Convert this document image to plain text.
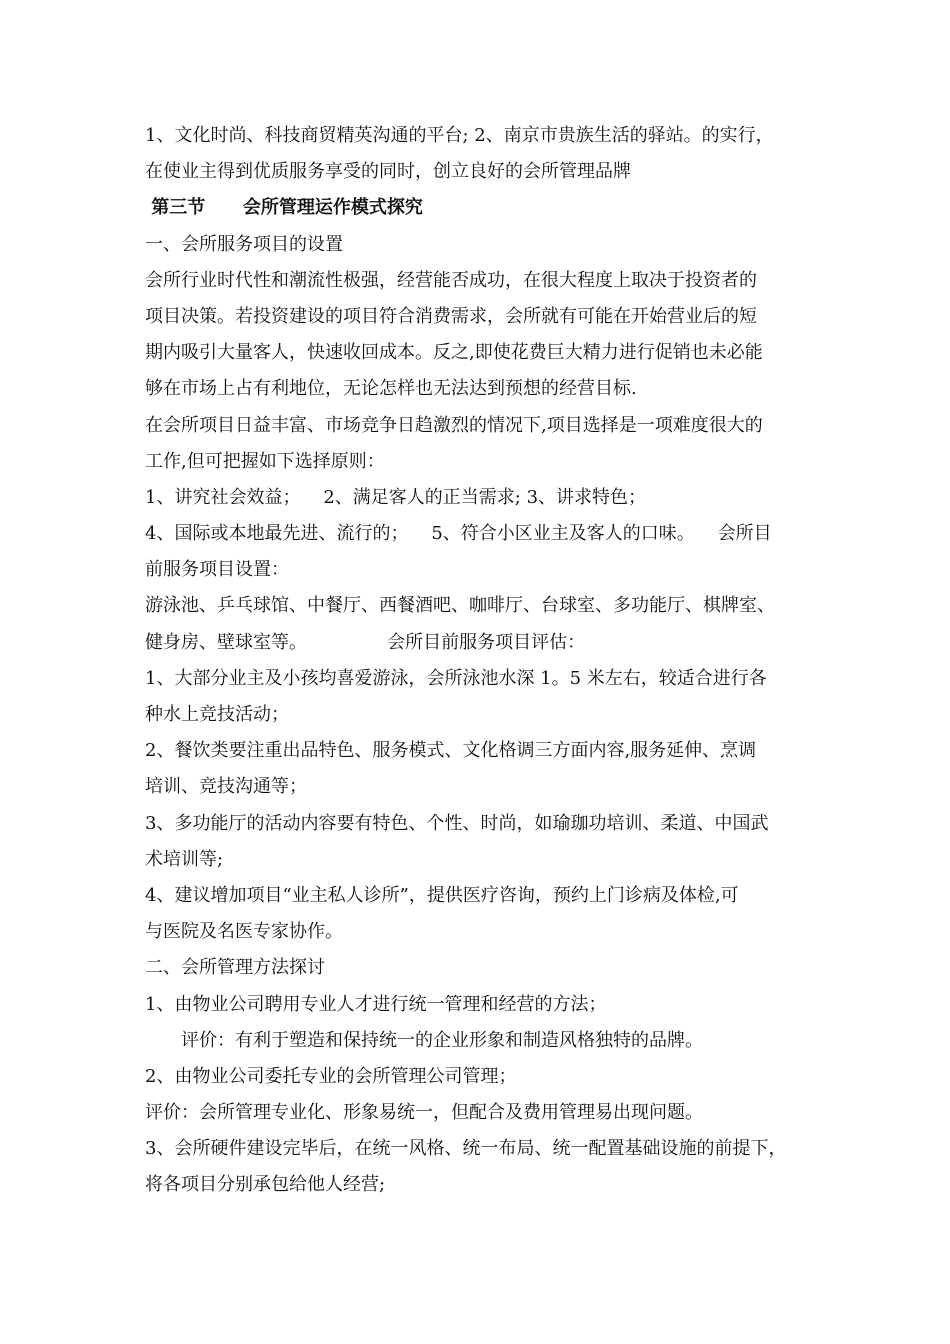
1、文化时尚、科技商贸精英沟通的平台; 2、南京市贵族生活的驿站。的实行，
在使业主得到优质服务享受的同时，创立良好的会所管理品牌
第三节      会所管理运作模式探究
一、会所服务项目的设置
会所行业时代性和潮流性极强，经营能否成功，在很大程度上取决于投资者的
项目决策。若投资建设的项目符合消费需求，会所就有可能在开始营业后的短
期内吸引大量客人，快速收回成本。反之,即使花费巨大精力进行促销也未必能
够在市场上占有利地位，无论怎样也无法达到预想的经营目标.
在会所项目日益丰富、市场竞争日趋激烈的情况下,项目选择是一项难度很大的
工作,但可把握如下选择原则：
1、讲究社会效益；    2、满足客人的正当需求; 3、讲求特色；
4、国际或本地最先进、流行的；    5、符合小区业主及客人的口味。    会所目
前服务项目设置：
游泳池、乒乓球馆、中餐厅、西餐酒吧、咖啡厅、台球室、多功能厅、棋牌室、
健身房、壁球室等。              会所目前服务项目评估：
1、大部分业主及小孩均喜爱游泳，会所泳池水深 1。5 米左右，较适合进行各
种水上竞技活动；
2、餐饮类要注重出品特色、服务模式、文化格调三方面内容,服务延伸、烹调
培训、竞技沟通等；
3、多功能厅的活动内容要有特色、个性、时尚，如瑜珈功培训、柔道、中国武
术培训等;
4、建议增加项目“业主私人诊所”，提供医疗咨询，预约上门诊病及体检,可
与医院及名医专家协作。
二、会所管理方法探讨
1、由物业公司聘用专业人才进行统一管理和经营的方法；
评价：有利于塑造和保持统一的企业形象和制造风格独特的品牌。
2、由物业公司委托专业的会所管理公司管理；
评价：会所管理专业化、形象易统一，但配合及费用管理易出现问题。
3、会所硬件建设完毕后，在统一风格、统一布局、统一配置基础设施的前提下，
将各项目分别承包给他人经营;
